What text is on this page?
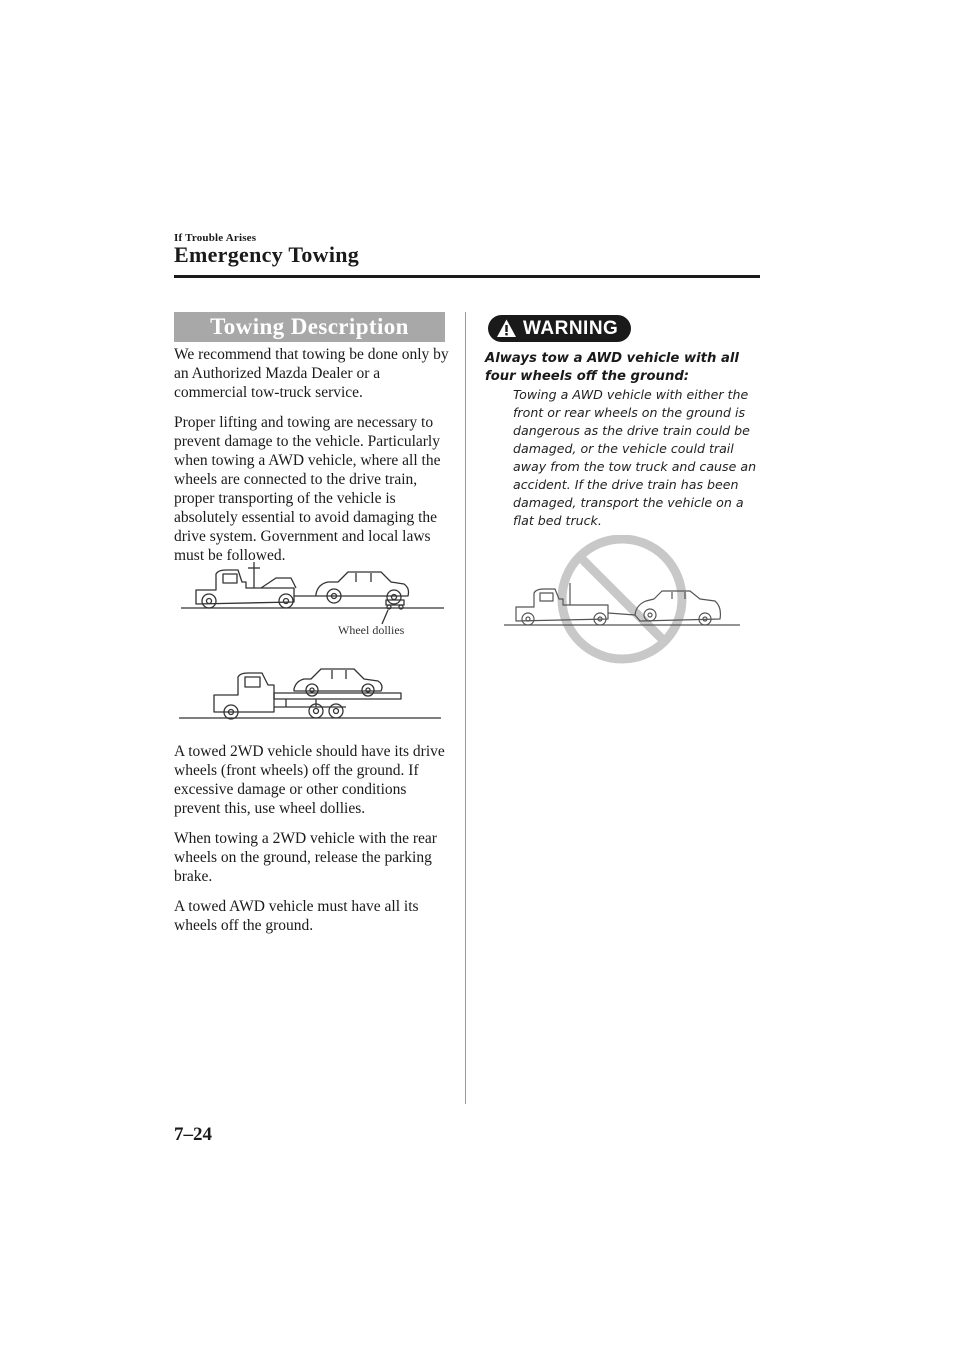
If Trouble Arises
Emergency Towing
Towing Description
We recommend that towing be done only by an Authorized Mazda Dealer or a commercial tow-truck service.
Proper lifting and towing are necessary to prevent damage to the vehicle. Particularly when towing a AWD vehicle, where all the wheels are connected to the drive train, proper transporting of the vehicle is absolutely essential to avoid damaging the drive system. Government and local laws must be followed.
Wheel dollies
A towed 2WD vehicle should have its drive wheels (front wheels) off the ground. If excessive damage or other conditions prevent this, use wheel dollies.
When towing a 2WD vehicle with the rear wheels on the ground, release the parking brake.
A towed AWD vehicle must have all its wheels off the ground.
WARNING
Always tow a AWD vehicle with all four wheels off the ground:
Towing a AWD vehicle with either the front or rear wheels on the ground is dangerous as the drive train could be damaged, or the vehicle could trail away from the tow truck and cause an accident. If the drive train has been damaged, transport the vehicle on a flat bed truck.
7–24
